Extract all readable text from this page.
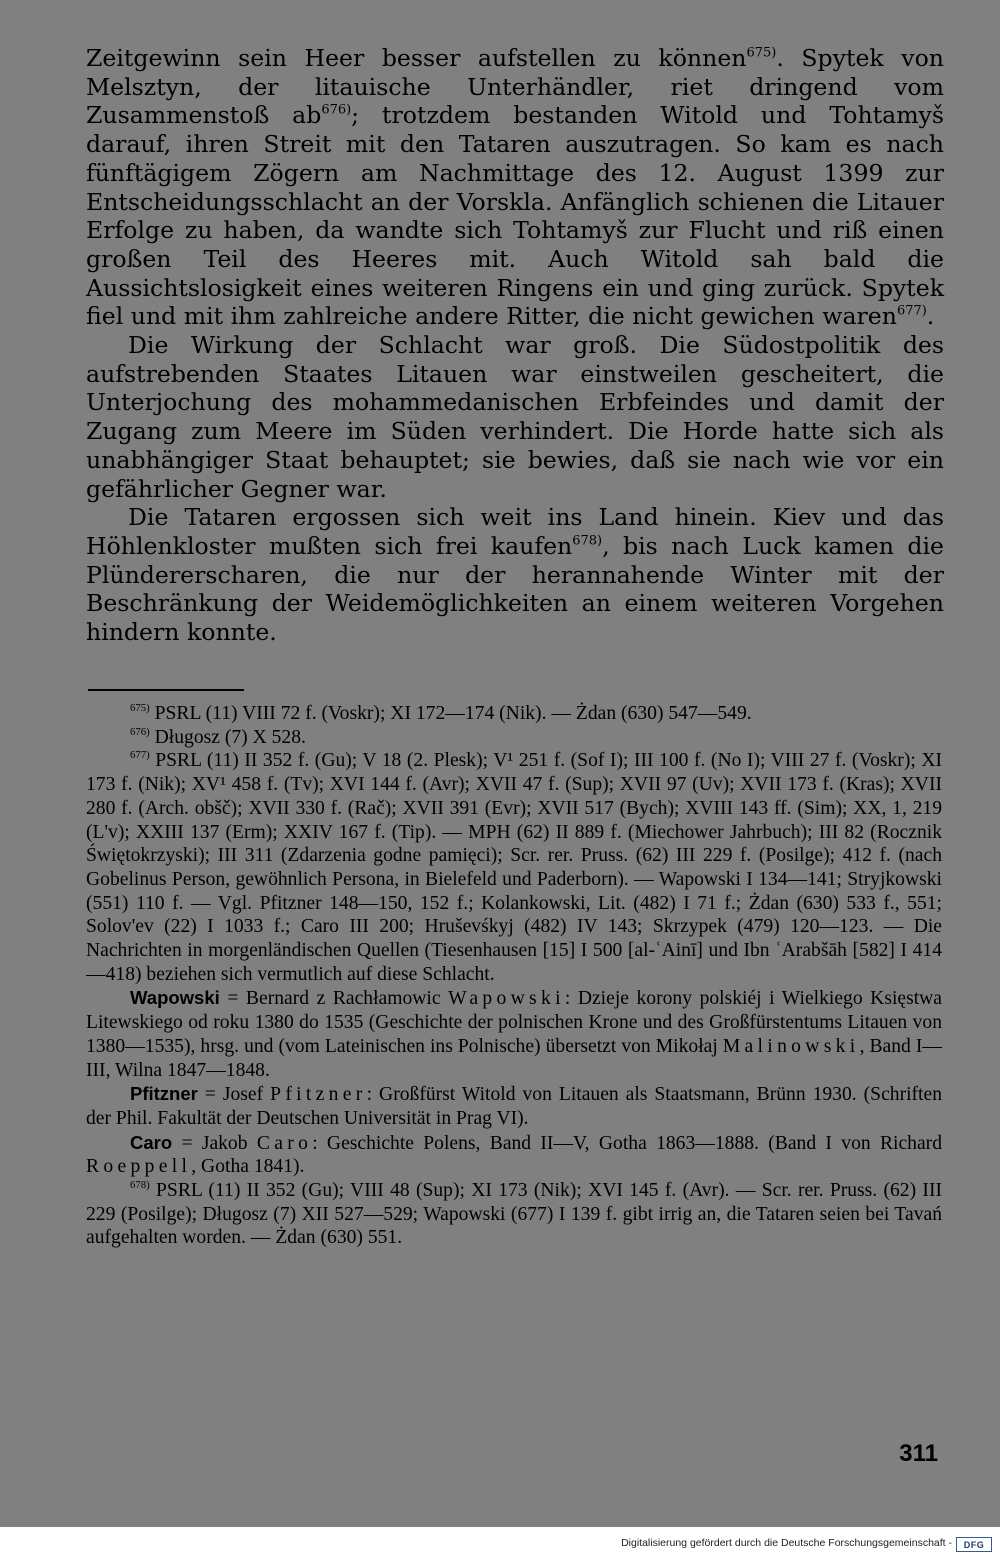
Zeitgewinn sein Heer besser aufstellen zu können$^{675)}$. Spytek von Melsztyn, der litauische Unterhändler, riet dringend vom Zusammenstoß $ab^{676)}$; trotzdem bestanden Witold und Tohtamyš darauf, ihren Streit mit den Tataren auszutragen. So kam es nach fünftägigem Zögern am Nachmittage des 12. August 1399 zur Entscheidungsschlacht an der Vorskla. Anfänglich schienen die Litauer Erfolge zu haben, da wandte sich Tohtamyš zur Flucht und riß einen großen Teil des Heeres mit. Auch Witold sah bald die Aussichtslosigkeit eines weiteren Ringens ein und ging zurück. Spytek fiel und mit ihm zahlreiche andere Ritter, die nicht gewichen waren$^{677)}$.

Die Wirkung der Schlacht war groß. Die Südostpolitik des aufstrebenden Staates Litauen war einstweilen gescheitert, die Unterjochung des mohammedanischen Erbfeindes und damit der Zugang zum Meere im Süden verhindert. Die Horde hatte sich als unabhängiger Staat behauptet; sie bewies, daß sie nach wie vor ein gefährlicher Gegner war.

Die Tataren ergossen sich weit ins Land hinein. Kiev und das Höhlenkloster mußten sich frei kaufen$^{678)}$, bis nach Luck kamen die Plündererscharen, die nur der herannahende Winter mit der Beschränkung der Weidemöglichkeiten an einem weiteren Vorgehen hindern konnte.

$^{675)}$ PSRL (11) VIII 72 f. (Voskr); XI 172—174 (Nik). — Żdan (630) 547—549.

$^{676)}$ Długosz (7) X 528.

$^{677)}$ PSRL (11) II 352 f. (Gu); V 18 (2. Plesk); V¹ 251 f. (Sof I); III 100 f. (No I); VIII 27 f. (Voskr); XI 173 f. (Nik); XV¹ 458 f. (Tv); XVI 144 f. (Avr); XVII 47 f. (Sup); XVII 97 (Uv); XVII 173 f. (Kras); XVII 280 f. (Arch. obšč); XVII 330 f. (Rač); XVII 391 (Evr); XVII 517 (Bych); XVIII 143 ff. (Sim); XX, 1, 219 (L'v); XXIII 137 (Erm); XXIV 167 f. (Tip). — MPH (62) II 889 f. (Miechower Jahrbuch); III 82 (Rocznik Świętokrzyski); III 311 (Zdarzenia godne pamięci); Scr. rer. Pruss. (62) III 229 f. (Posilge); 412 f. (nach Gobelinus Person, gewöhnlich Persona, in Bielefeld und Paderborn). — Wapowski I 134—141; Stryjkowski (551) 110 f. — Vgl. Pfitzner 148—150, 152 f.; Kolankowski, Lit. (482) I 71 f.; Żdan (630) 533 f., 551; Solov'ev (22) I 1033 f.; Caro III 200; Hruševśkyj (482) IV 143; Skrzypek (479) 120—123. — Die Nachrichten in morgenländischen Quellen (Tiesenhausen [15] I 500 [al-ʿAinī] und Ibn ʿArabšāh [582] I 414—418) beziehen sich vermutlich auf diese Schlacht.

Wapowski = Bernard z Rachłamowic Wapowski: Dzieje korony polskiéj i Wielkiego Księstwa Litewskiego od roku 1380 do 1535 (Geschichte der polnischen Krone und des Großfürstentums Litauen von 1380—1535), hrsg. und (vom Lateinischen ins Polnische) übersetzt von Mikołaj Malinowski, Band I—III, Wilna 1847—1848.

Pfitzner = Josef Pfitzner: Großfürst Witold von Litauen als Staatsmann, Brünn 1930. (Schriften der Phil. Fakultät der Deutschen Universität in Prag VI).

Caro = Jakob Caro: Geschichte Polens, Band II—V, Gotha 1863—1888. (Band I von Richard Roeppell, Gotha 1841).

$^{678)}$ PSRL (11) II 352 (Gu); VIII 48 (Sup); XI 173 (Nik); XVI 145 f. (Avr). — Scr. rer. Pruss. (62) III 229 (Posilge); Długosz (7) XII 527—529; Wapowski (677) I 139 f. gibt irrig an, die Tataren seien bei Tavań aufgehalten worden. — Żdan (630) 551.

311
Digitalisierung gefördert durch die Deutsche Forschungsgemeinschaft - DFG
